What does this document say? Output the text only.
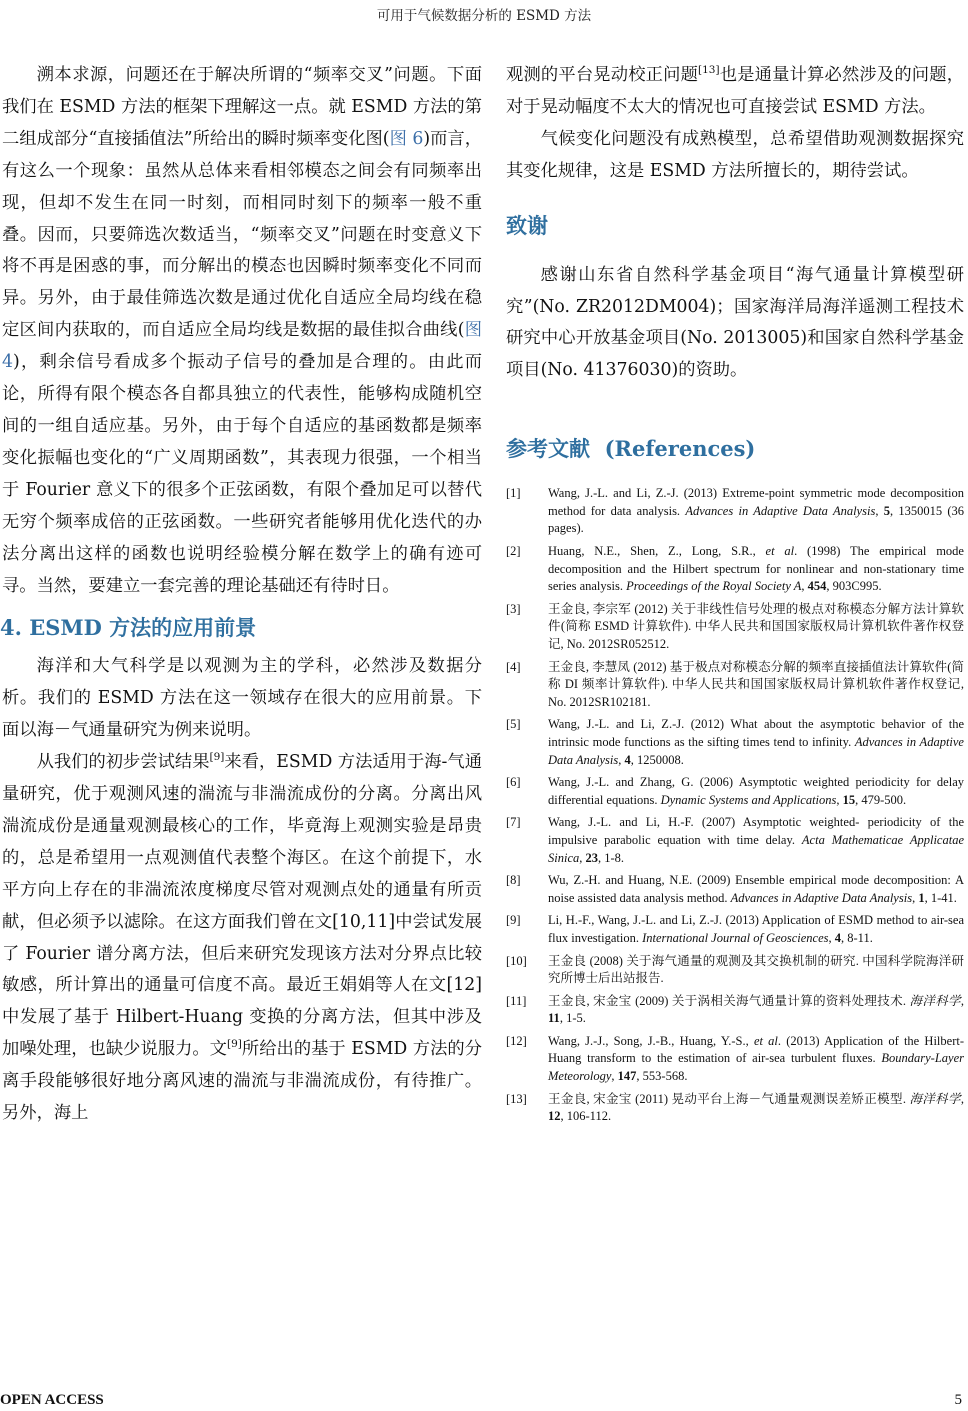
可用于气候数据分析的 ESMD 方法

溯本求源，问题还在于解决所谓的“频率交叉”问题。下面我们在 ESMD 方法的框架下理解这一点。就 ESMD 方法的第二组成部分“直接插值法”所给出的瞬时频率变化图(图 6)而言，有这么一个现象：虽然从总体来看相邻模态之间会有同频率出现，但却不发生在同一时刻，而相同时刻下的频率一般不重叠。因而，只要筛选次数适当，“频率交叉”问题在时变意义下将不再是困惑的事，而分解出的模态也因瞬时频率变化不同而异。另外，由于最佳筛选次数是通过优化自适应全局均线在稳定区间内获取的，而自适应全局均线是数据的最佳拟合曲线(图 4)，剩余信号看成多个振动子信号的叠加是合理的。由此而论，所得有限个模态各自都具独立的代表性，能够构成随机空间的一组自适应基。另外，由于每个自适应的基函数都是频率变化振幅也变化的“广义周期函数”，其表现力很强，一个相当于 Fourier 意义下的很多个正弦函数，有限个叠加足可以替代无穷个频率成倍的正弦函数。一些研究者能够用优化迭代的办法分离出这样的函数也说明经验模分解在数学上的确有迹可寻。当然，要建立一套完善的理论基础还有待时日。

4. ESMD 方法的应用前景

海洋和大气科学是以观测为主的学科，必然涉及数据分析。我们的 ESMD 方法在这一领域存在很大的应用前景。下面以海－气通量研究为例来说明。

从我们的初步尝试结果[9]来看，ESMD 方法适用于海-气通量研究，优于观测风速的湍流与非湍流成份的分离。分离出风湍流成份是通量观测最核心的工作，毕竟海上观测实验是昂贵的，总是希望用一点观测值代表整个海区。在这个前提下，水平方向上存在的非湍流浓度梯度尽管对观测点处的通量有所贡献，但必须予以滤除。在这方面我们曾在文[10,11]中尝试发展了 Fourier 谱分离方法，但后来研究发现该方法对分界点比较敏感，所计算出的通量可信度不高。最近王娟娟等人在文[12]中发展了基于 Hilbert-Huang 变换的分离方法，但其中涉及加噪处理，也缺少说服力。文[9]所给出的基于 ESMD 方法的分离手段能够很好地分离风速的湍流与非湍流成份，有待推广。另外，海上

观测的平台晃动校正问题[13]也是通量计算必然涉及的问题，对于晃动幅度不太大的情况也可直接尝试 ESMD 方法。

气候变化问题没有成熟模型，总希望借助观测数据探究其变化规律，这是 ESMD 方法所擅长的，期待尝试。

致谢

感谢山东省自然科学基金项目“海气通量计算模型研究”(No. ZR2012DM004)；国家海洋局海洋遥测工程技术研究中心开放基金项目(No. 2013005)和国家自然科学基金项目(No. 41376030)的资助。

参考文献 (References)
[1] Wang, J.-L. and Li, Z.-J. (2013) Extreme-point symmetric mode decomposition method for data analysis. Advances in Adaptive Data Analysis, 5, 1350015 (36 pages).
[2] Huang, N.E., Shen, Z., Long, S.R., et al. (1998) The empirical mode decomposition and the Hilbert spectrum for nonlinear and non-stationary time series analysis. Proceedings of the Royal Society A, 454, 903C995.
[3] 王金良, 李宗军 (2012) 关于非线性信号处理的极点对称模态分解方法计算软件(简称 ESMD 计算软件). 中华人民共和国国家版权局计算机软件著作权登记, No. 2012SR052512.
[4] 王金良, 李慧凤 (2012) 基于极点对称模态分解的频率直接插值法计算软件(简称 DI 频率计算软件). 中华人民共和国国家版权局计算机软件著作权登记, No. 2012SR102181.
[5] Wang, J.-L. and Li, Z.-J. (2012) What about the asymptotic behavior of the intrinsic mode functions as the sifting times tend to infinity. Advances in Adaptive Data Analysis, 4, 1250008.
[6] Wang, J.-L. and Zhang, G. (2006) Asymptotic weighted periodicity for delay differential equations. Dynamic Systems and Applications, 15, 479-500.
[7] Wang, J.-L. and Li, H.-F. (2007) Asymptotic weighted- periodicity of the impulsive parabolic equation with time delay. Acta Mathematicae Applicatae Sinica, 23, 1-8.
[8] Wu, Z.-H. and Huang, N.E. (2009) Ensemble empirical mode decomposition: A noise assisted data analysis method. Advances in Adaptive Data Analysis, 1, 1-41.
[9] Li, H.-F., Wang, J.-L. and Li, Z.-J. (2013) Application of ESMD method to air-sea flux investigation. International Journal of Geosciences, 4, 8-11.
[10] 王金良 (2008) 关于海气通量的观测及其交换机制的研究. 中国科学院海洋研究所博士后出站报告.
[11] 王金良, 宋金宝 (2009) 关于涡相关海气通量计算的资料处理技术. 海洋科学, 11, 1-5.
[12] Wang, J.-J., Song, J.-B., Huang, Y.-S., et al. (2013) Application of the Hilbert-Huang transform to the estimation of air-sea turbulent fluxes. Boundary-Layer Meteorology, 147, 553-568.
[13] 王金良, 宋金宝 (2011) 晃动平台上海－气通量观测误差矫正模型. 海洋科学, 12, 106-112.
OPEN ACCESS	5
